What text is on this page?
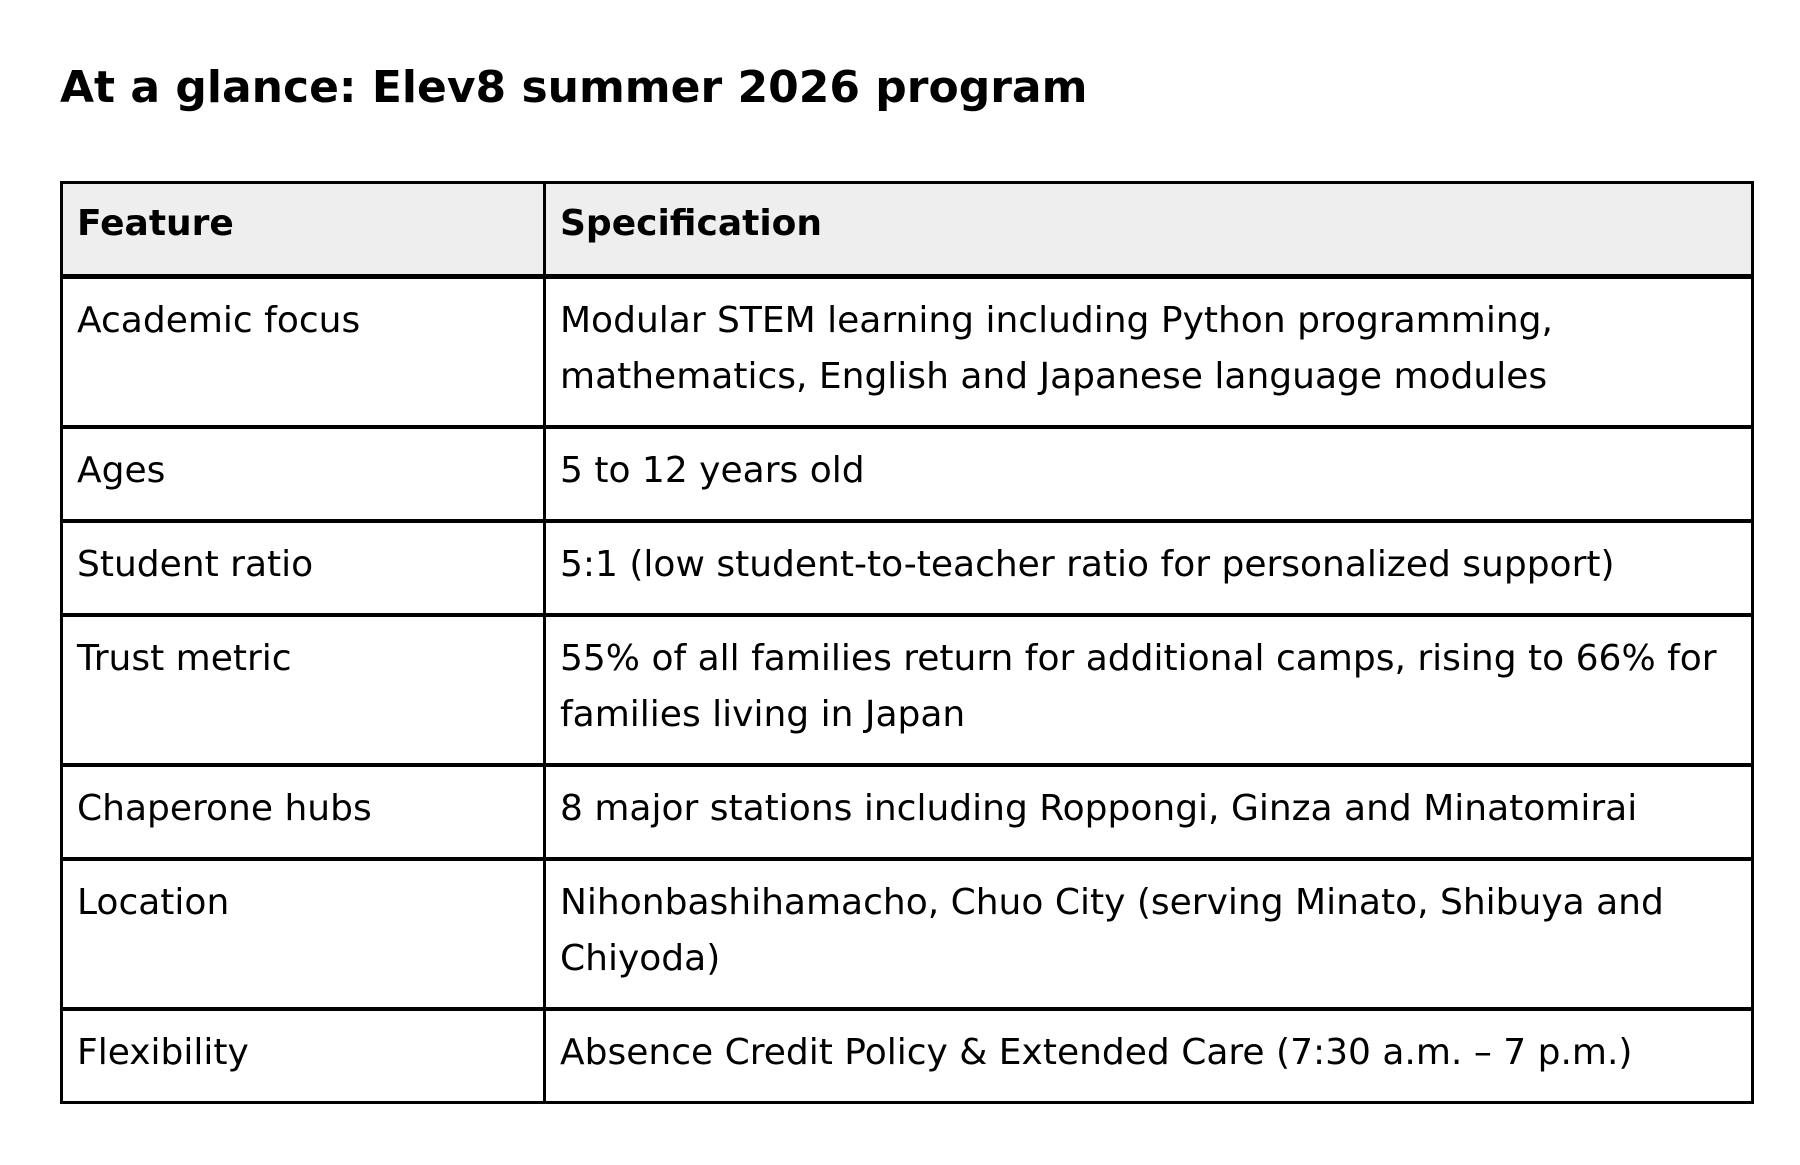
At a glance: Elev8 summer 2026 program
Feature	Specification
Academic focus	Modular STEM learning including Python programming, mathematics, English and Japanese language modules
Ages	5 to 12 years old
Student ratio	5:1 (low student-to-teacher ratio for personalized support)
Trust metric	55% of all families return for additional camps, rising to 66% for families living in Japan
Chaperone hubs	8 major stations including Roppongi, Ginza and Minatomirai
Location	Nihonbashihamacho, Chuo City (serving Minato, Shibuya and Chiyoda)
Flexibility	Absence Credit Policy & Extended Care (7:30 a.m. – 7 p.m.)
